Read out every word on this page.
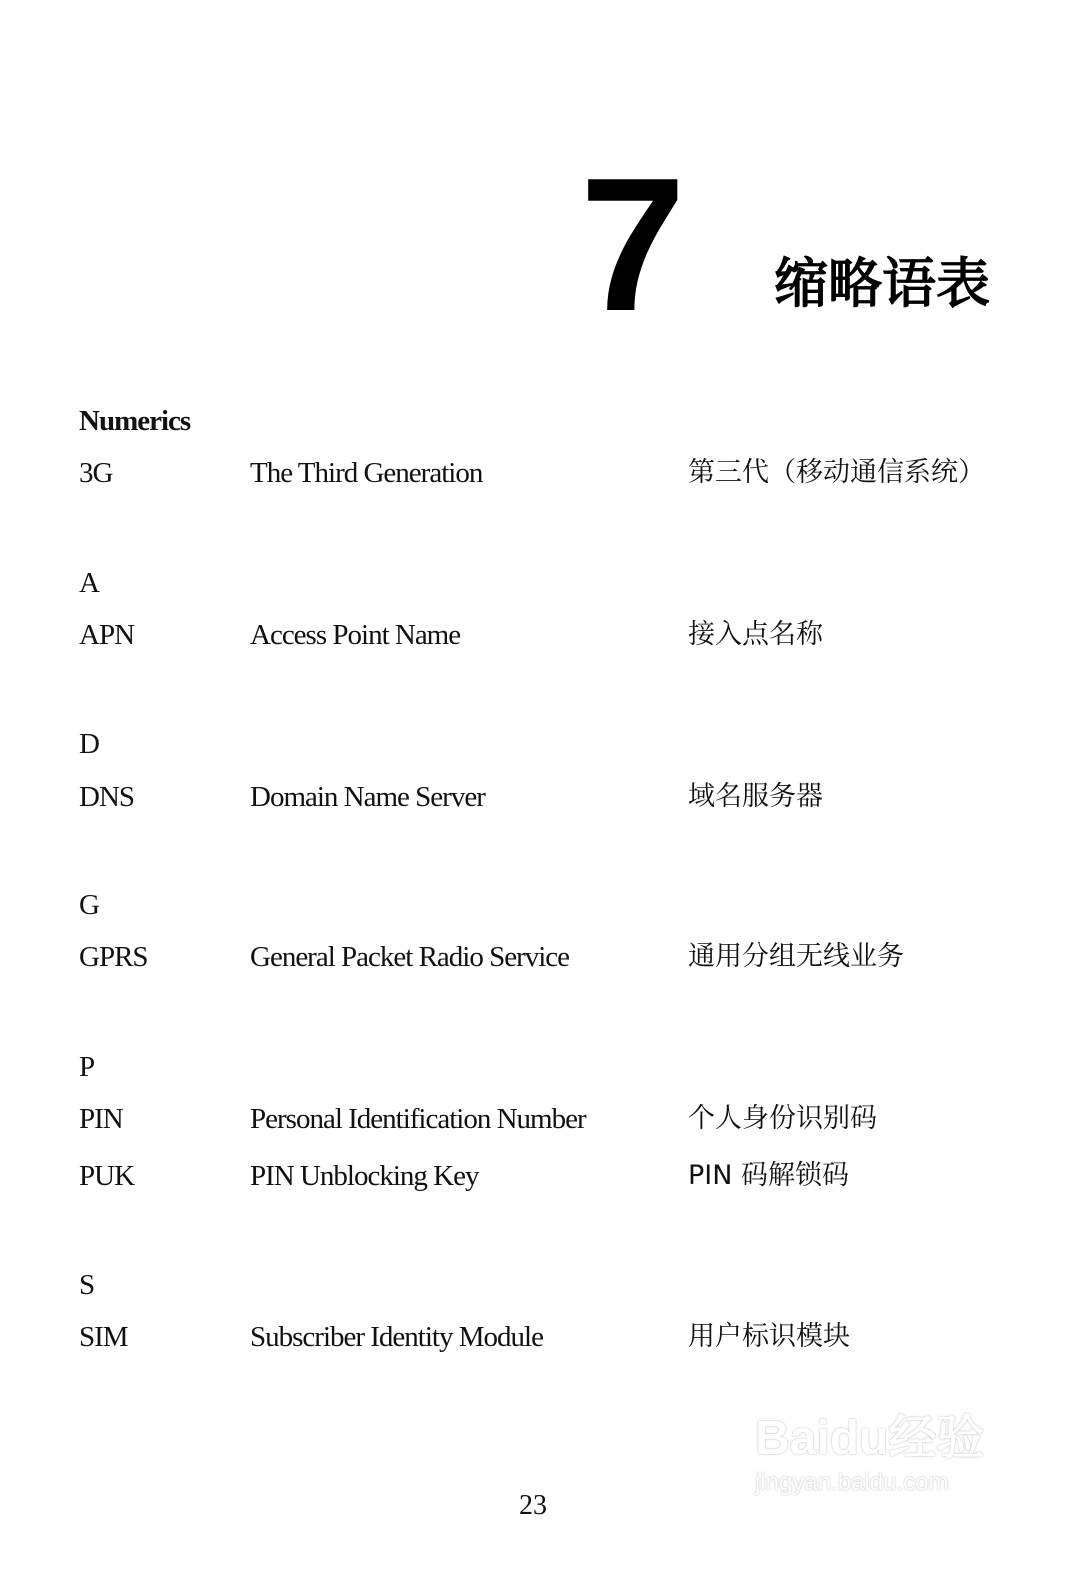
7 缩略语表
Numerics
3G	The Third Generation	第三代（移动通信系统）
A
APN	Access Point Name	接入点名称
D
DNS	Domain Name Server	域名服务器
G
GPRS	General Packet Radio Service	通用分组无线业务
P
PIN	Personal Identification Number	个人身份识别码
PUK	PIN Unblocking Key	PIN 码解锁码
S
SIM	Subscriber Identity Module	用户标识模块
23
Baidu经验
jingyan.baidu.com
